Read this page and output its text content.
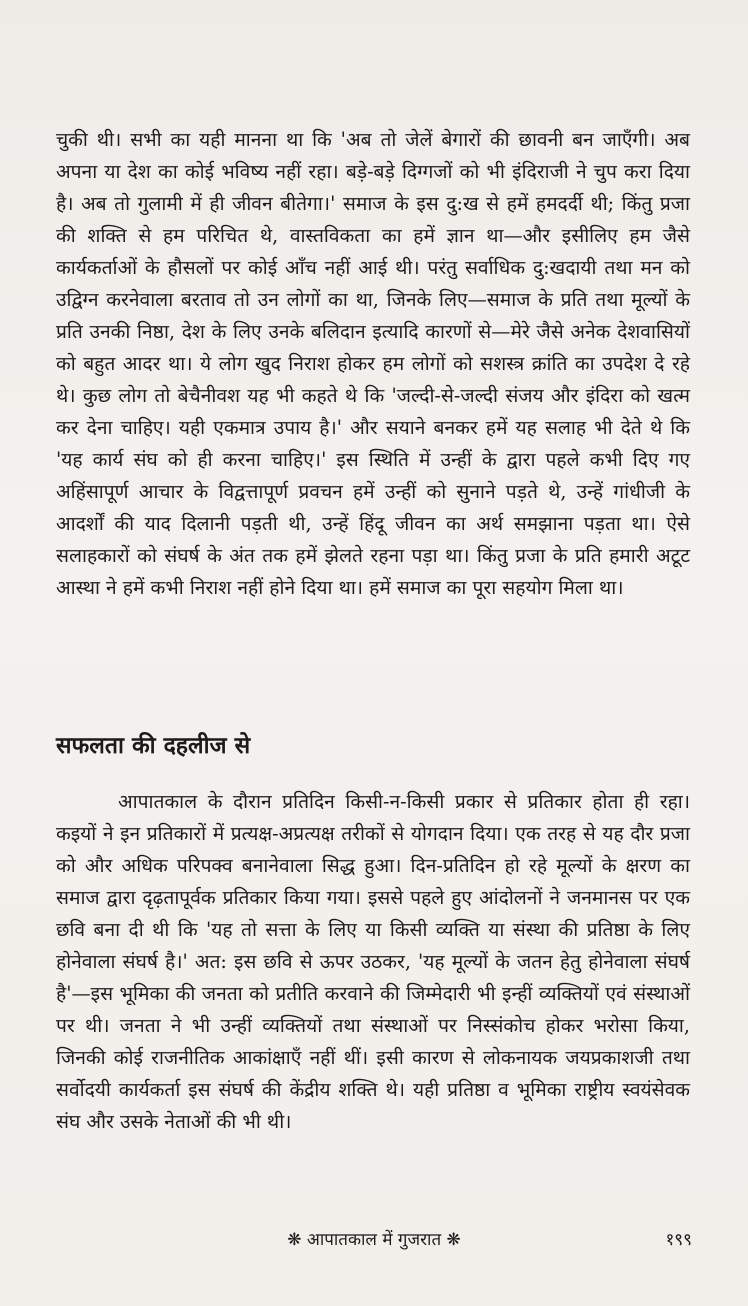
चुकी थी। सभी का यही मानना था कि 'अब तो जेलें बेगारों की छावनी बन जाएँगी। अब अपना या देश का कोई भविष्य नहीं रहा। बड़े-बड़े दिग्गजों को भी इंदिराजी ने चुप करा दिया है। अब तो गुलामी में ही जीवन बीतेगा।' समाज के इस दु:ख से हमें हमदर्दी थी; किंतु प्रजा की शक्ति से हम परिचित थे, वास्तविकता का हमें ज्ञान था—और इसीलिए हम जैसे कार्यकर्ताओं के हौसलों पर कोई आँच नहीं आई थी। परंतु सर्वाधिक दु:खदायी तथा मन को उद्विग्न करनेवाला बरताव तो उन लोगों का था, जिनके लिए—समाज के प्रति तथा मूल्यों के प्रति उनकी निष्ठा, देश के लिए उनके बलिदान इत्यादि कारणों से—मेरे जैसे अनेक देशवासियों को बहुत आदर था। ये लोग खुद निराश होकर हम लोगों को सशस्त्र क्रांति का उपदेश दे रहे थे। कुछ लोग तो बेचैनीवश यह भी कहते थे कि 'जल्दी-से-जल्दी संजय और इंदिरा को खत्म कर देना चाहिए। यही एकमात्र उपाय है।' और सयाने बनकर हमें यह सलाह भी देते थे कि 'यह कार्य संघ को ही करना चाहिए।' इस स्थिति में उन्हीं के द्वारा पहले कभी दिए गए अहिंसापूर्ण आचार के विद्वत्तापूर्ण प्रवचन हमें उन्हीं को सुनाने पड़ते थे, उन्हें गांधीजी के आदर्शों की याद दिलानी पड़ती थी, उन्हें हिंदू जीवन का अर्थ समझाना पड़ता था। ऐसे सलाहकारों को संघर्ष के अंत तक हमें झेलते रहना पड़ा था। किंतु प्रजा के प्रति हमारी अटूट आस्था ने हमें कभी निराश नहीं होने दिया था। हमें समाज का पूरा सहयोग मिला था।

सफलता की दहलीज से

आपातकाल के दौरान प्रतिदिन किसी-न-किसी प्रकार से प्रतिकार होता ही रहा। कइयों ने इन प्रतिकारों में प्रत्यक्ष-अप्रत्यक्ष तरीकों से योगदान दिया। एक तरह से यह दौर प्रजा को और अधिक परिपक्व बनानेवाला सिद्ध हुआ। दिन-प्रतिदिन हो रहे मूल्यों के क्षरण का समाज द्वारा दृढ़तापूर्वक प्रतिकार किया गया। इससे पहले हुए आंदोलनों ने जनमानस पर एक छवि बना दी थी कि 'यह तो सत्ता के लिए या किसी व्यक्ति या संस्था की प्रतिष्ठा के लिए होनेवाला संघर्ष है।' अत: इस छवि से ऊपर उठकर, 'यह मूल्यों के जतन हेतु होनेवाला संघर्ष है'—इस भूमिका की जनता को प्रतीति करवाने की जिम्मेदारी भी इन्हीं व्यक्तियों एवं संस्थाओं पर थी। जनता ने भी उन्हीं व्यक्तियों तथा संस्थाओं पर निस्संकोच होकर भरोसा किया, जिनकी कोई राजनीतिक आकांक्षाएँ नहीं थीं। इसी कारण से लोकनायक जयप्रकाशजी तथा सर्वोदयी कार्यकर्ता इस संघर्ष की केंद्रीय शक्ति थे। यही प्रतिष्ठा व भूमिका राष्ट्रीय स्वयंसेवक संघ और उसके नेताओं की भी थी।

❋ आपातकाल में गुजरात ❋	१९९
